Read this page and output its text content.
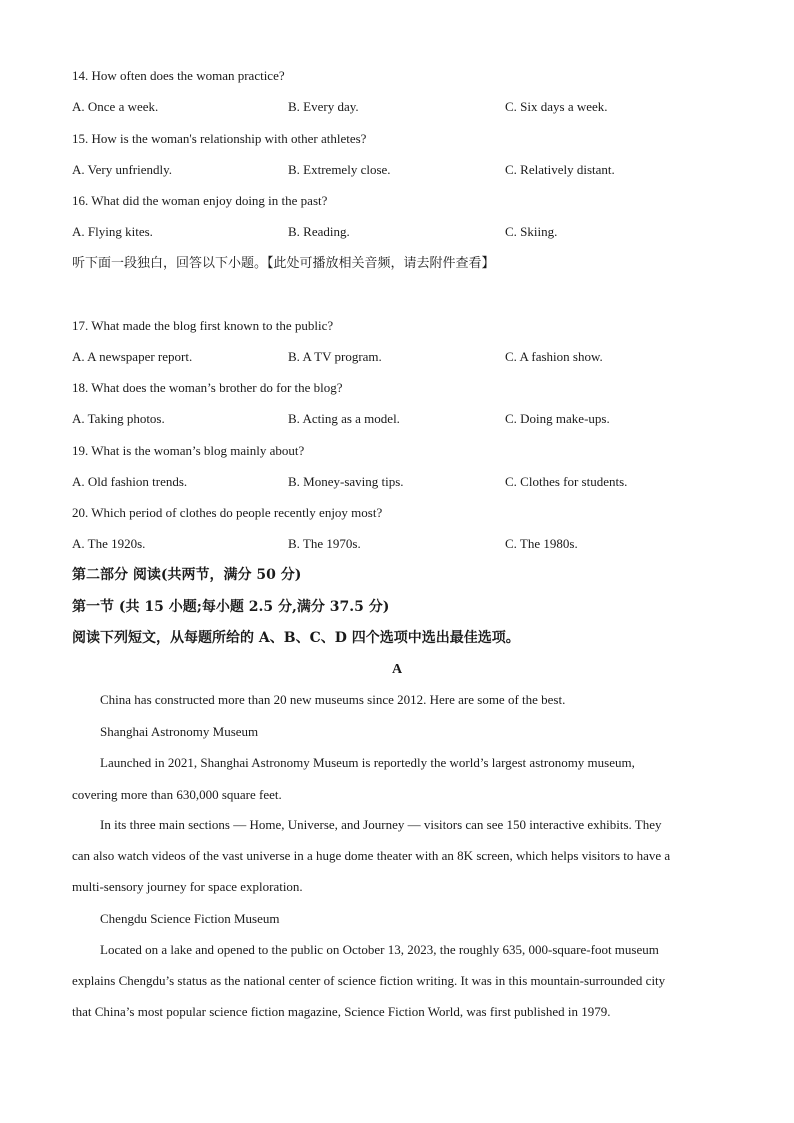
14. How often does the woman practice?
A. Once a week.	B. Every day.	C. Six days a week.
15. How is the woman's relationship with other athletes?
A. Very unfriendly.	B. Extremely close.	C. Relatively distant.
16. What did the woman enjoy doing in the past?
A. Flying kites.	B. Reading.	C. Skiing.
听下面一段独白，回答以下小题。【此处可播放相关音频，请去附件查看】
17. What made the blog first known to the public?
A. A newspaper report.	B. A TV program.	C. A fashion show.
18. What does the woman’s brother do for the blog?
A. Taking photos.	B. Acting as a model.	C. Doing make-ups.
19. What is the woman’s blog mainly about?
A. Old fashion trends.	B. Money-saving tips.	C. Clothes for students.
20. Which period of clothes do people recently enjoy most?
A. The 1920s.	B. The 1970s.	C. The 1980s.
第二部分 阅读(共两节，满分 50 分)
第一节 (共 15 小题;每小题 2.5 分,满分 37.5 分)
阅读下列短文，从每题所给的 A、B、C、D 四个选项中选出最佳选项。
A
China has constructed more than 20 new museums since 2012. Here are some of the best.
Shanghai Astronomy Museum
Launched in 2021, Shanghai Astronomy Museum is reportedly the world’s largest astronomy museum,
covering more than 630,000 square feet.
In its three main sections — Home, Universe, and Journey — visitors can see 150 interactive exhibits. They
can also watch videos of the vast universe in a huge dome theater with an 8K screen, which helps visitors to have a
multi-sensory journey for space exploration.
Chengdu Science Fiction Museum
Located on a lake and opened to the public on October 13, 2023, the roughly 635, 000-square-foot museum
explains Chengdu’s status as the national center of science fiction writing. It was in this mountain-surrounded city
that China’s most popular science fiction magazine, Science Fiction World, was first published in 1979.
